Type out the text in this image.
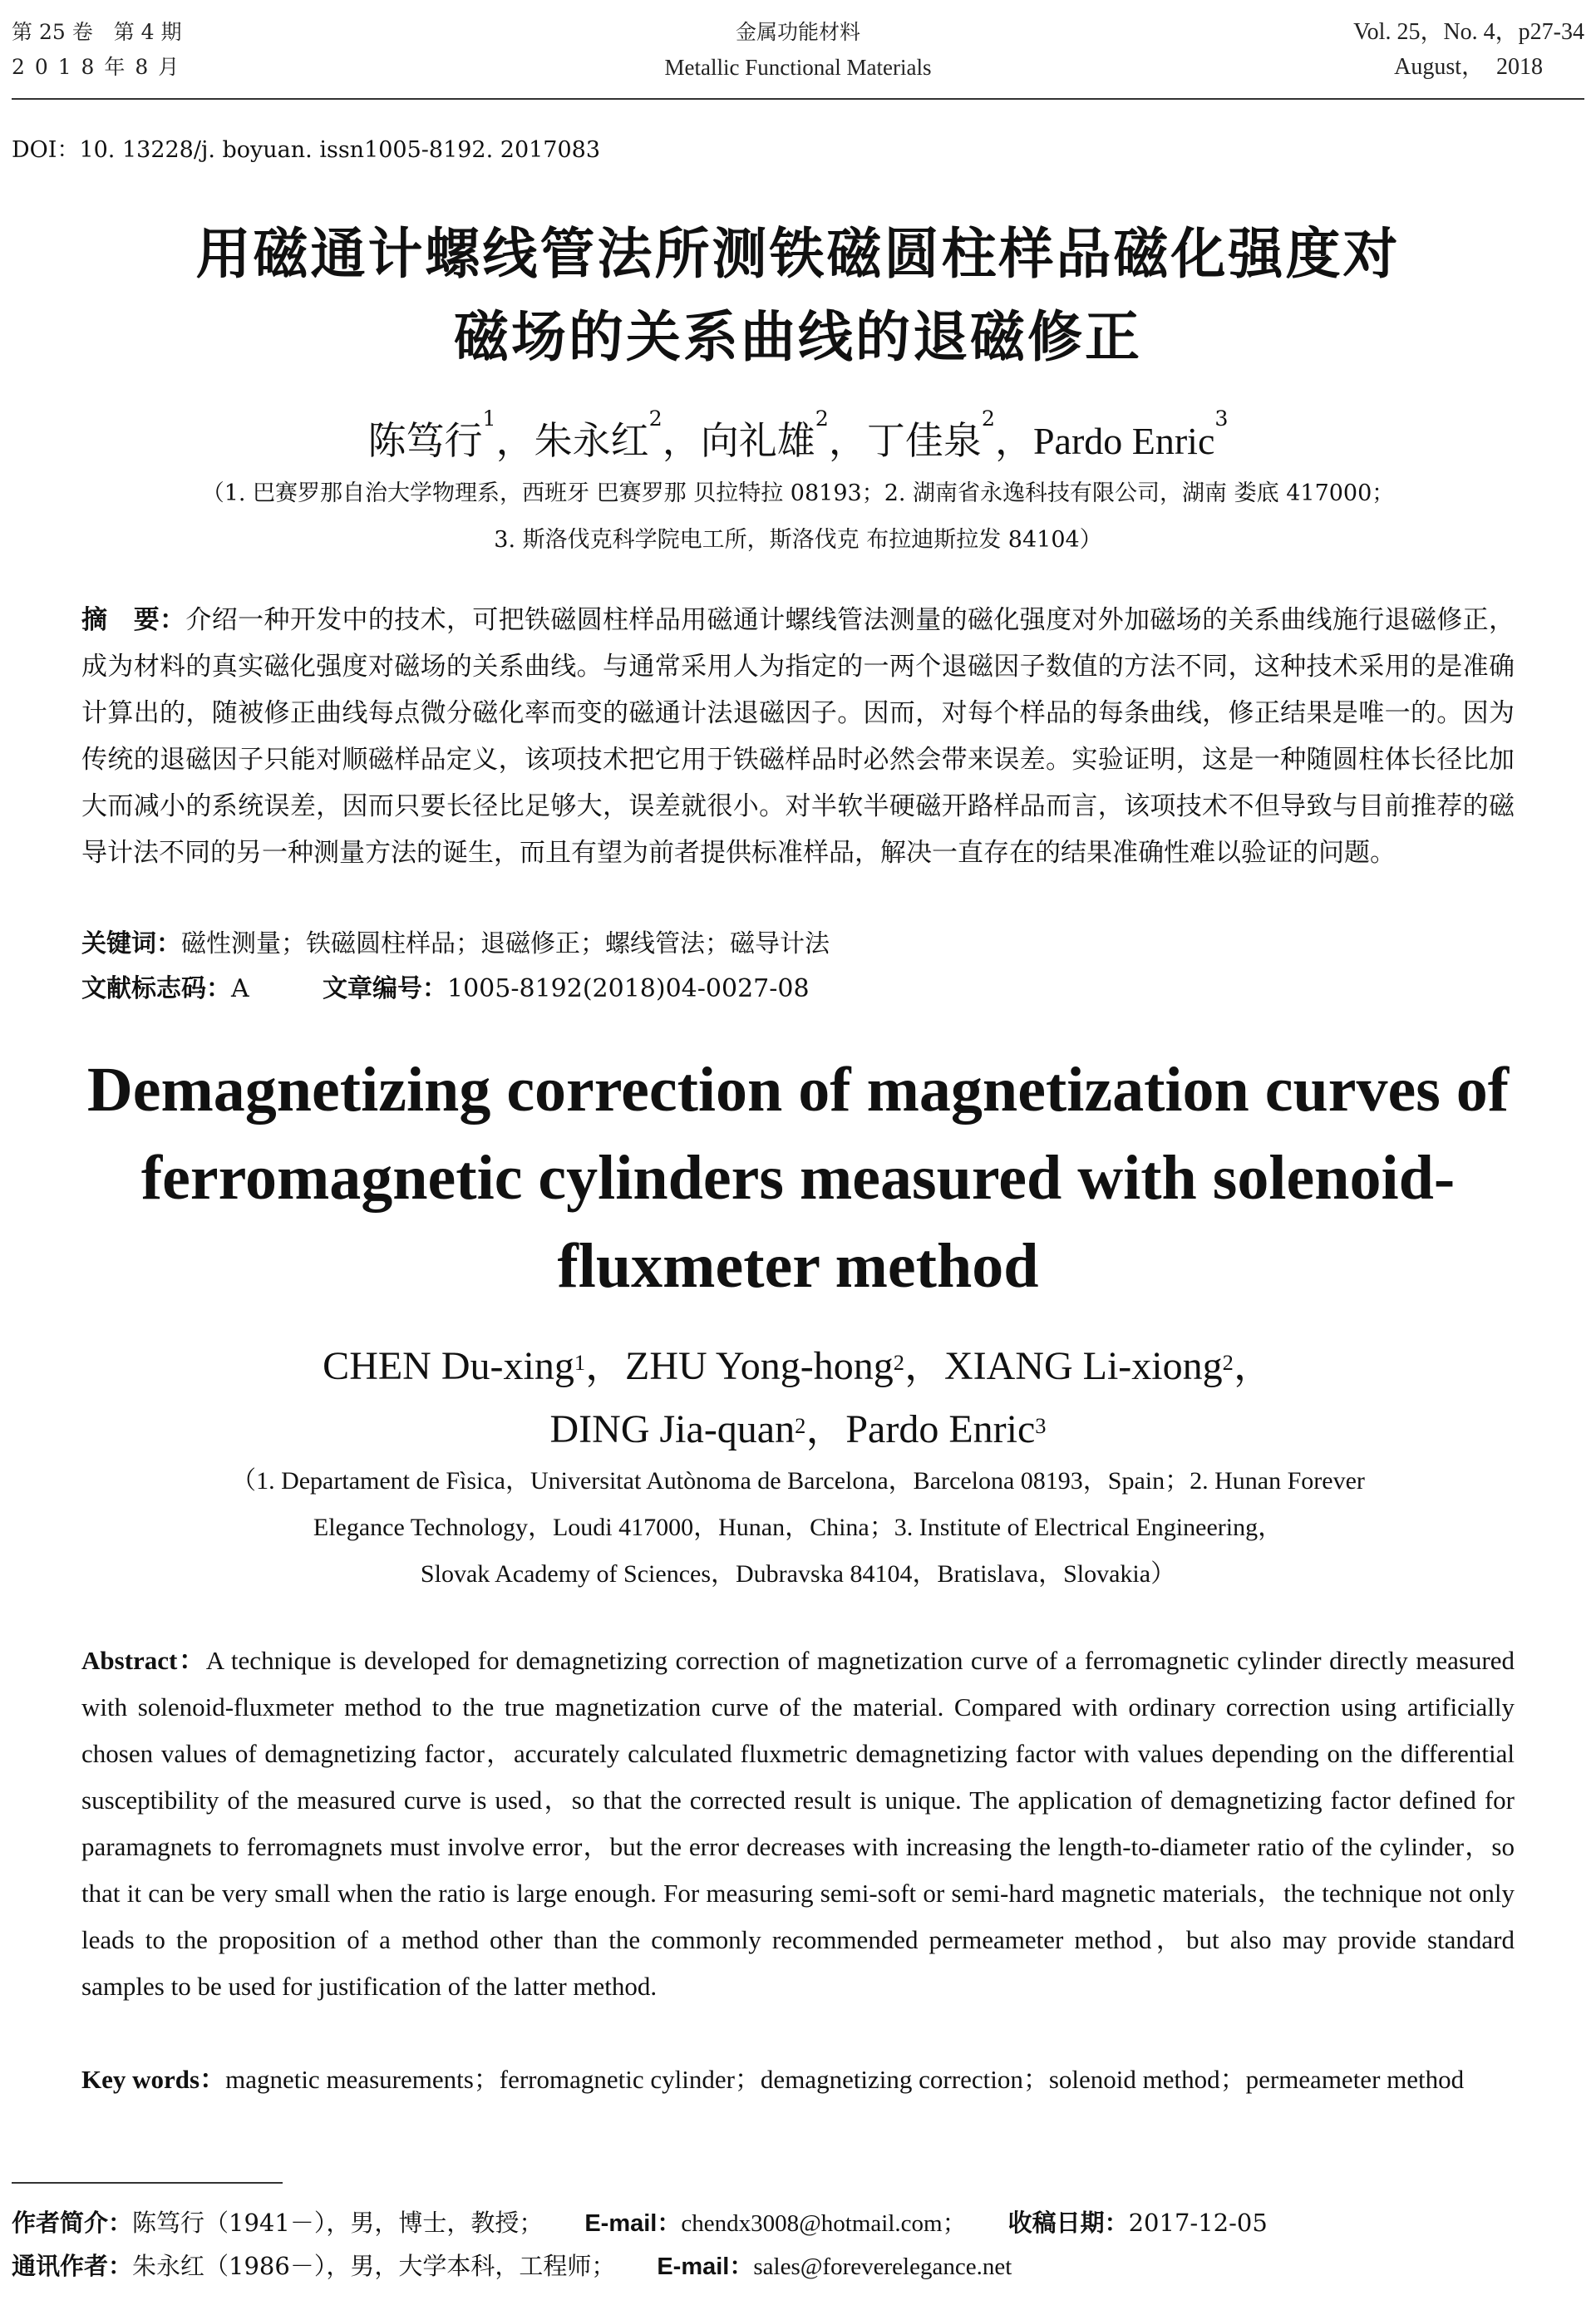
第 25 卷　第 4 期
2 0 1 8 年 8 月
金属功能材料
Metallic Functional Materials
Vol. 25，No. 4，p27-34
August，　2018
DOI：10. 13228/j. boyuan. issn1005-8192. 2017083
用磁通计螺线管法所测铁磁圆柱样品磁化强度对
磁场的关系曲线的退磁修正
陈笃行$^1$，朱永红$^2$，向礼雄$^2$，丁佳泉$^2$，Pardo Enric$^3$
（1. 巴赛罗那自治大学物理系，西班牙 巴赛罗那 贝拉特拉 08193；2. 湖南省永逸科技有限公司，湖南 娄底 417000；
3. 斯洛伐克科学院电工所，斯洛伐克 布拉迪斯拉发 84104）
摘　要：介绍一种开发中的技术，可把铁磁圆柱样品用磁通计螺线管法测量的磁化强度对外加磁场的关系曲线施行退磁修正，成为材料的真实磁化强度对磁场的关系曲线。与通常采用人为指定的一两个退磁因子数值的方法不同，这种技术采用的是准确计算出的，随被修正曲线每点微分磁化率而变的磁通计法退磁因子。因而，对每个样品的每条曲线，修正结果是唯一的。因为传统的退磁因子只能对顺磁样品定义，该项技术把它用于铁磁样品时必然会带来误差。实验证明，这是一种随圆柱体长径比加大而减小的系统误差，因而只要长径比足够大，误差就很小。对半软半硬磁开路样品而言，该项技术不但导致与目前推荐的磁导计法不同的另一种测量方法的诞生，而且有望为前者提供标准样品，解决一直存在的结果准确性难以验证的问题。
关键词：磁性测量；铁磁圆柱样品；退磁修正；螺线管法；磁导计法
文献标志码：A	文章编号：1005-8192(2018)04-0027-08
Demagnetizing correction of magnetization curves of
ferromagnetic cylinders measured with solenoid-
fluxmeter method
CHEN Du-xing$^1$，ZHU Yong-hong$^2$，XIANG Li-xiong$^2$，
DING Jia-quan$^2$，Pardo Enric$^3$
（1. Departament de Fìsica，Universitat Autònoma de Barcelona，Barcelona 08193，Spain；2. Hunan Forever
Elegance Technology，Loudi 417000，Hunan，China；3. Institute of Electrical Engineering，
Slovak Academy of Sciences，Dubravska 84104，Bratislava，Slovakia）
Abstract：A technique is developed for demagnetizing correction of magnetization curve of a ferromagnetic cylinder directly measured with solenoid-fluxmeter method to the true magnetization curve of the material. Compared with ordinary correction using artificially chosen values of demagnetizing factor，accurately calculated fluxmetric demagnetizing factor with values depending on the differential susceptibility of the measured curve is used，so that the corrected result is unique. The application of demagnetizing factor defined for paramagnets to ferromagnets must involve error，but the error decreases with increasing the length-to-diameter ratio of the cylinder，so that it can be very small when the ratio is large enough. For measuring semi-soft or semi-hard magnetic materials，the technique not only leads to the proposition of a method other than the commonly recommended permeameter method，but also may provide standard samples to be used for justification of the latter method.
Key words：magnetic measurements；ferromagnetic cylinder；demagnetizing correction；solenoid method；permeameter method
作者简介：陈笃行（1941－），男，博士，教授； E-mail：chendx3008@hotmail.com； 收稿日期：2017-12-05
通讯作者：朱永红（1986－），男，大学本科，工程师； E-mail：sales@foreverelegance.net
